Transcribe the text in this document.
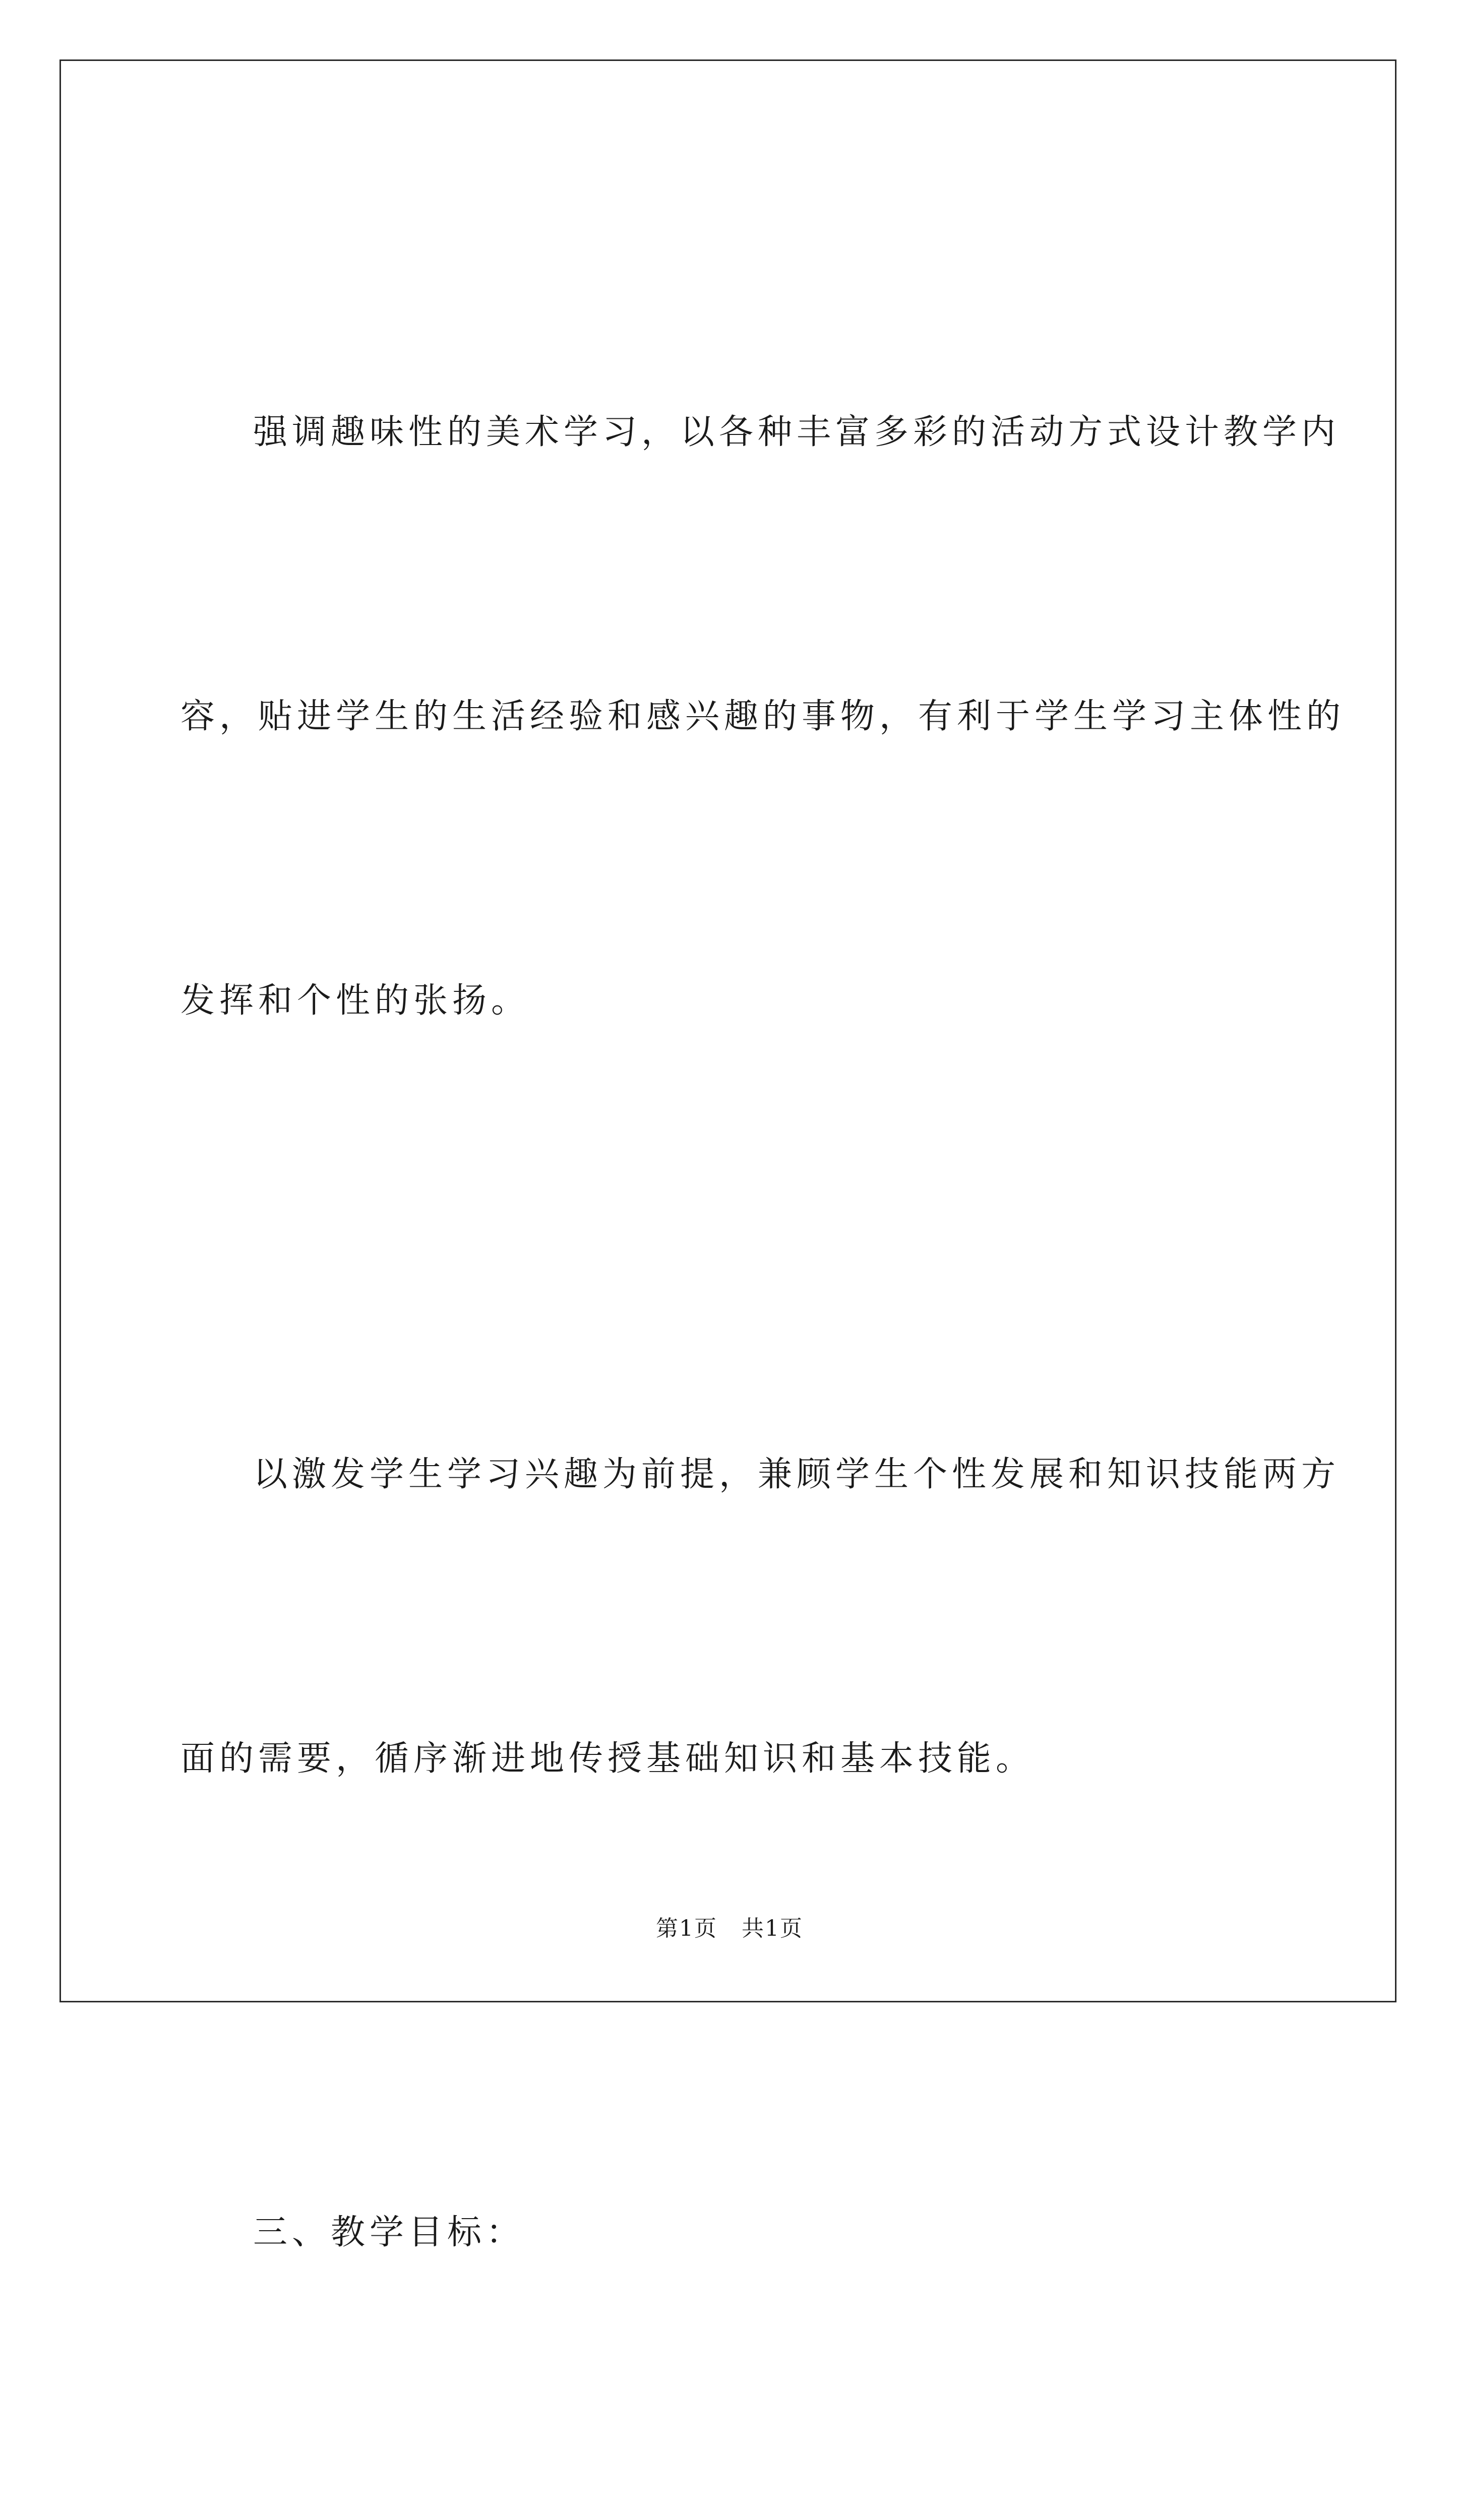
强调趣味性的美术学习，以各种丰富多彩的活动方式设计教学内

容，贴进学生的生活经验和感兴趣的事物，有利于学生学习主体性的

发挥和个性的张扬。

以激发学生学习兴趣为前提，兼顾学生个性发展和知识技能两方

面的需要，循序渐进地传授基础知识和基本技能。

三、教学目标：

第1页 共1页
